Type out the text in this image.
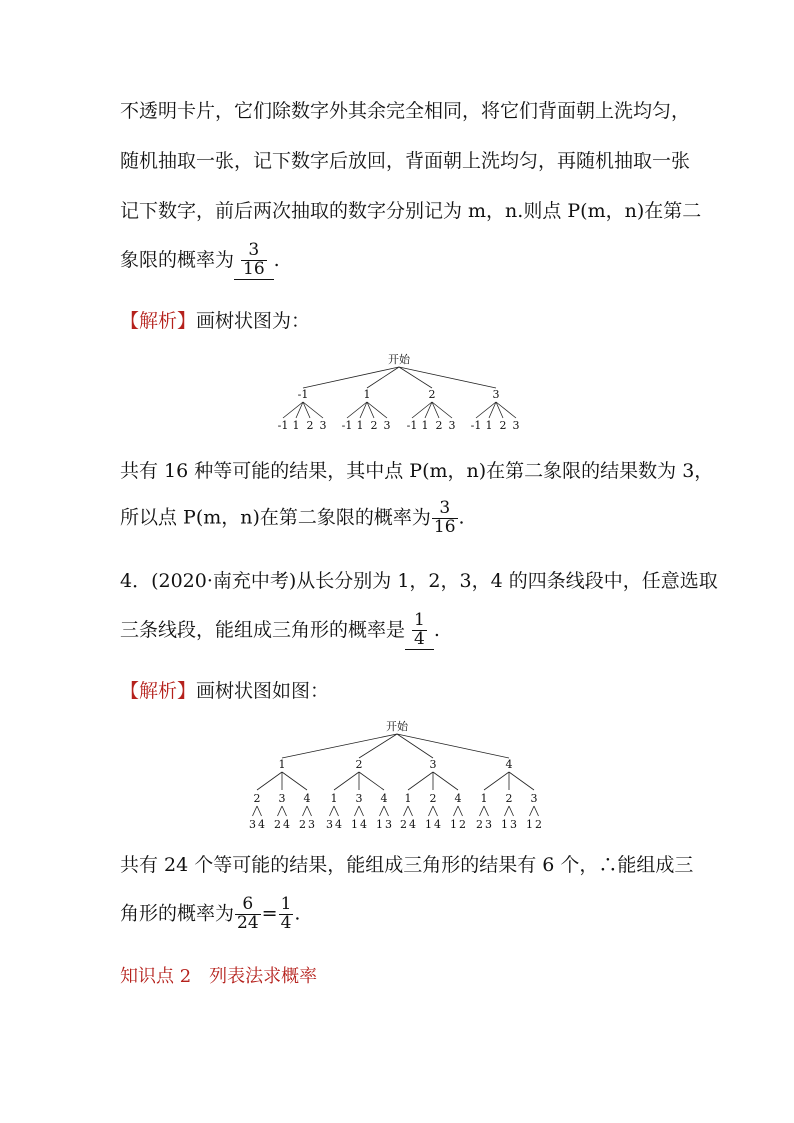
不透明卡片，它们除数字外其余完全相同，将它们背面朝上洗均匀，
随机抽取一张，记下数字后放回，背面朝上洗均匀，再随机抽取一张
记下数字，前后两次抽取的数字分别记为 m，n.则点 P(m，n)在第二
象限的概率为 $\frac{3}{16}$ .
【解析】画树状图为：
开始
-1
-1 1 2 3
1
-1 1 2 3
2
-1 1 2 3
3
-1 1 2 3
共有 16 种等可能的结果，其中点 P(m，n)在第二象限的结果数为 3，
所以点 P(m，n)在第二象限的概率为 $\frac{3}{16}$ .
4．(2020·南充中考)从长分别为 1，2，3，4 的四条线段中，任意选取
三条线段，能组成三角形的概率是 $\frac{1}{4}$ .
【解析】画树状图如图：
开始
1
2
3 4
3
2 4
4
2 3
2
1
3 4
3
1 4
4
1 3
3
1
2 4
2
1 4
4
1 2
4
1
2 3
2
1 3
3
1 2
共有 24 个等可能的结果，能组成三角形的结果有 6 个，∴能组成三
角形的概率为 $\frac{6}{24} = \frac{1}{4}$ .
知识点 2　列表法求概率
